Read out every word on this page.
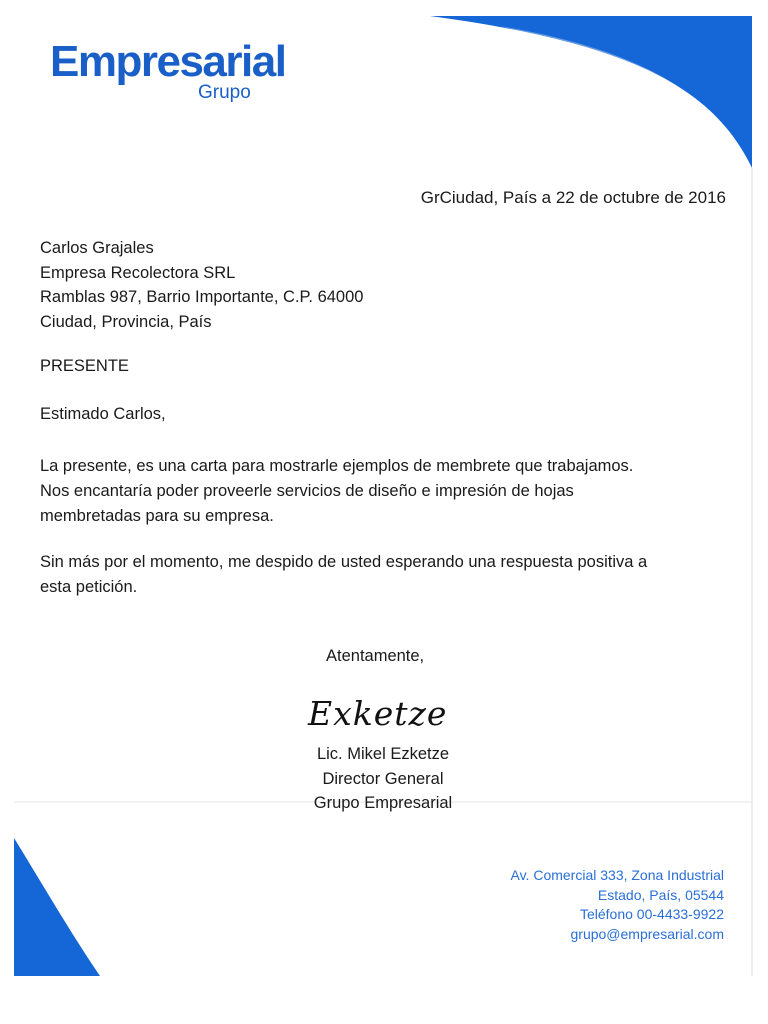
Empresarial
Grupo
GrCiudad, País a 22 de octubre de 2016
Carlos Grajales
Empresa Recolectora SRL
Ramblas 987, Barrio Importante, C.P. 64000
Ciudad, Provincia, País
PRESENTE
Estimado Carlos,
La presente, es una carta para mostrarle ejemplos de membrete que trabajamos.
Nos encantaría poder proveerle servicios de diseño e impresión de hojas
membretadas para su empresa.
Sin más por el momento, me despido de usted esperando una respuesta positiva a
esta petición.
Atentamente,
Exketze
Lic. Mikel Ezketze
Director General
Grupo Empresarial
Av. Comercial 333, Zona Industrial
Estado, País, 05544
Teléfono 00-4433-9922
grupo@empresarial.com
